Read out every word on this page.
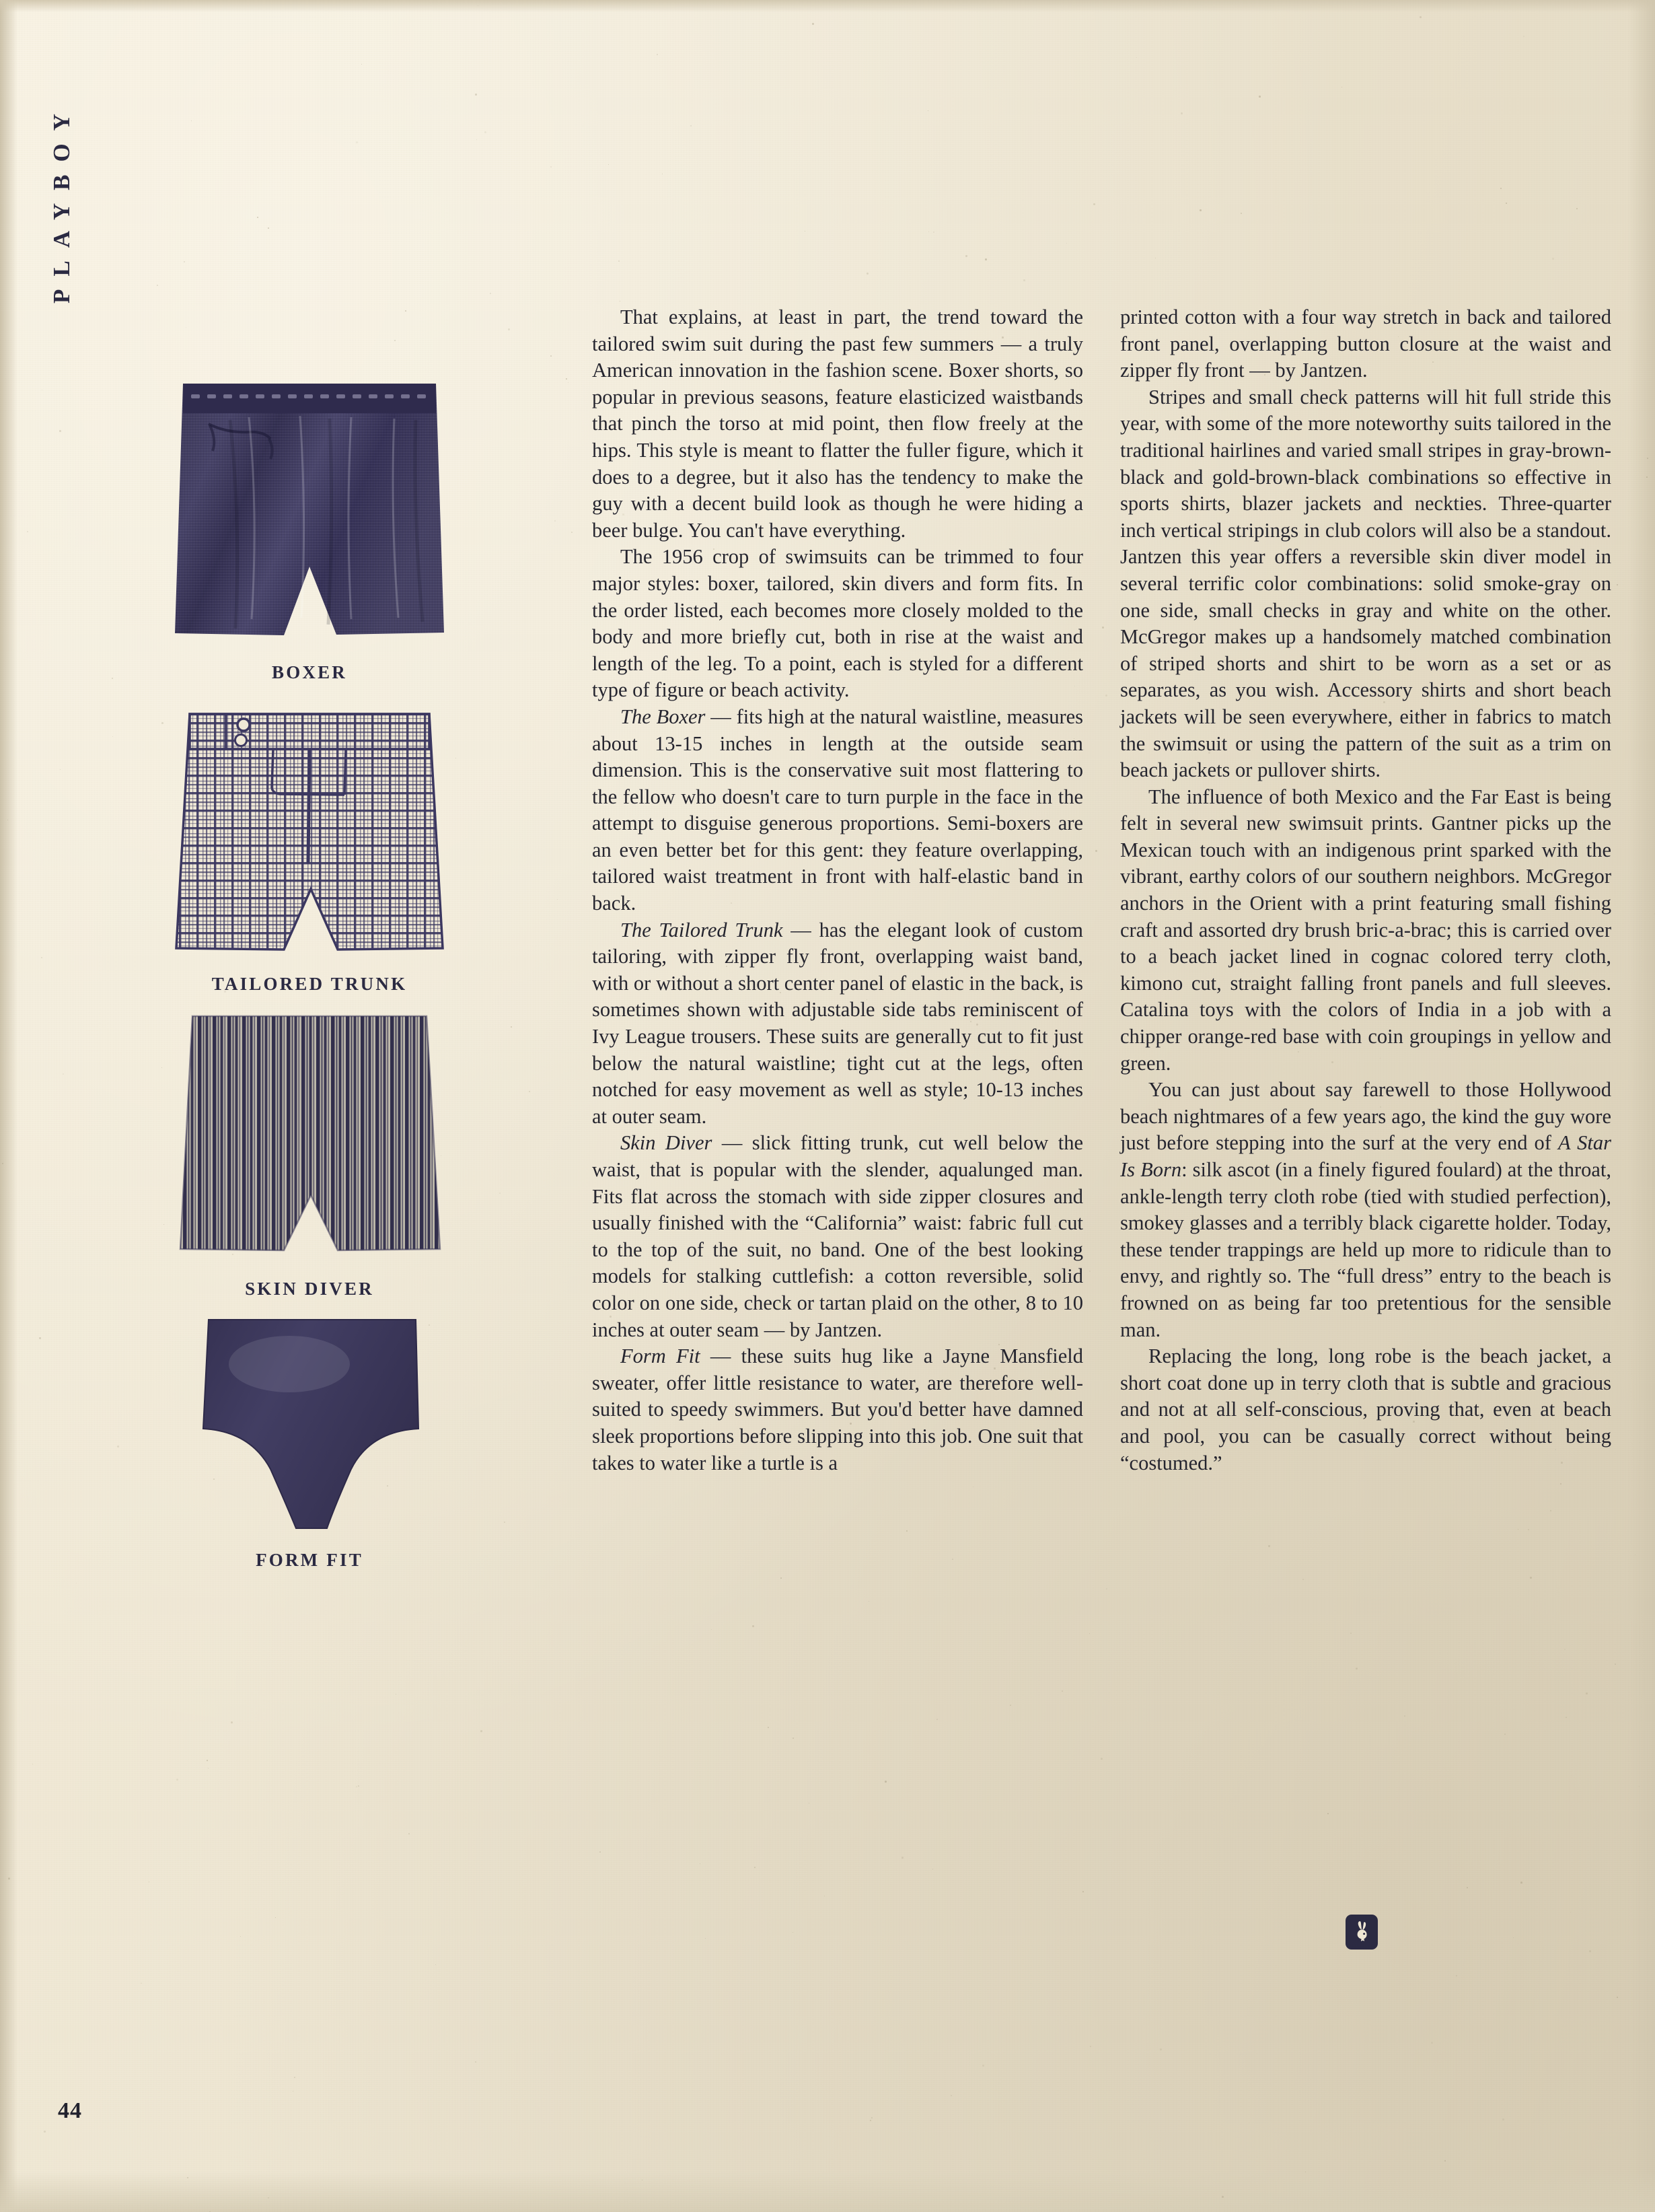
PLAYBOY
BOXER
TAILORED TRUNK
SKIN DIVER
FORM FIT

That explains, at least in part, the trend toward the tailored swim suit during the past few summers — a truly American innovation in the fashion scene. Boxer shorts, so popular in previous seasons, feature elasticized waistbands that pinch the torso at mid point, then flow freely at the hips. This style is meant to flatter the fuller figure, which it does to a degree, but it also has the tendency to make the guy with a decent build look as though he were hiding a beer bulge. You can't have everything.

The 1956 crop of swimsuits can be trimmed to four major styles: boxer, tailored, skin divers and form fits. In the order listed, each becomes more closely molded to the body and more briefly cut, both in rise at the waist and length of the leg. To a point, each is styled for a different type of figure or beach activity.

The Boxer — fits high at the natural waistline, measures about 13-15 inches in length at the outside seam dimension. This is the conservative suit most flattering to the fellow who doesn't care to turn purple in the face in the attempt to disguise generous proportions. Semi-boxers are an even better bet for this gent: they feature overlapping, tailored waist treatment in front with half-elastic band in back.

The Tailored Trunk — has the elegant look of custom tailoring, with zipper fly front, overlapping waist band, with or without a short center panel of elastic in the back, is sometimes shown with adjustable side tabs reminiscent of Ivy League trousers. These suits are generally cut to fit just below the natural waistline; tight cut at the legs, often notched for easy movement as well as style; 10-13 inches at outer seam.

Skin Diver — slick fitting trunk, cut well below the waist, that is popular with the slender, aqualunged man. Fits flat across the stomach with side zipper closures and usually finished with the “California” waist: fabric full cut to the top of the suit, no band. One of the best looking models for stalking cuttlefish: a cotton reversible, solid color on one side, check or tartan plaid on the other, 8 to 10 inches at outer seam — by Jantzen.

Form Fit — these suits hug like a Jayne Mansfield sweater, offer little resistance to water, are therefore well-suited to speedy swimmers. But you'd better have damned sleek proportions before slipping into this job. One suit that takes to water like a turtle is a

printed cotton with a four way stretch in back and tailored front panel, overlapping button closure at the waist and zipper fly front — by Jantzen.

Stripes and small check patterns will hit full stride this year, with some of the more noteworthy suits tailored in the traditional hairlines and varied small stripes in gray-brown-black and gold-brown-black combinations so effective in sports shirts, blazer jackets and neckties. Three-quarter inch vertical stripings in club colors will also be a standout. Jantzen this year offers a reversible skin diver model in several terrific color combinations: solid smoke-gray on one side, small checks in gray and white on the other. McGregor makes up a handsomely matched combination of striped shorts and shirt to be worn as a set or as separates, as you wish. Accessory shirts and short beach jackets will be seen everywhere, either in fabrics to match the swimsuit or using the pattern of the suit as a trim on beach jackets or pullover shirts.

The influence of both Mexico and the Far East is being felt in several new swimsuit prints. Gantner picks up the Mexican touch with an indigenous print sparked with the vibrant, earthy colors of our southern neighbors. McGregor anchors in the Orient with a print featuring small fishing craft and assorted dry brush bric-a-brac; this is carried over to a beach jacket lined in cognac colored terry cloth, kimono cut, straight falling front panels and full sleeves. Catalina toys with the colors of India in a job with a chipper orange-red base with coin groupings in yellow and green.

You can just about say farewell to those Hollywood beach nightmares of a few years ago, the kind the guy wore just before stepping into the surf at the very end of A Star Is Born: silk ascot (in a finely figured foulard) at the throat, ankle-length terry cloth robe (tied with studied perfection), smokey glasses and a terribly black cigarette holder. Today, these tender trappings are held up more to ridicule than to envy, and rightly so. The “full dress” entry to the beach is frowned on as being far too pretentious for the sensible man.

Replacing the long, long robe is the beach jacket, a short coat done up in terry cloth that is subtle and gracious and not at all self-conscious, proving that, even at beach and pool, you can be casually correct without being “costumed.”

44
